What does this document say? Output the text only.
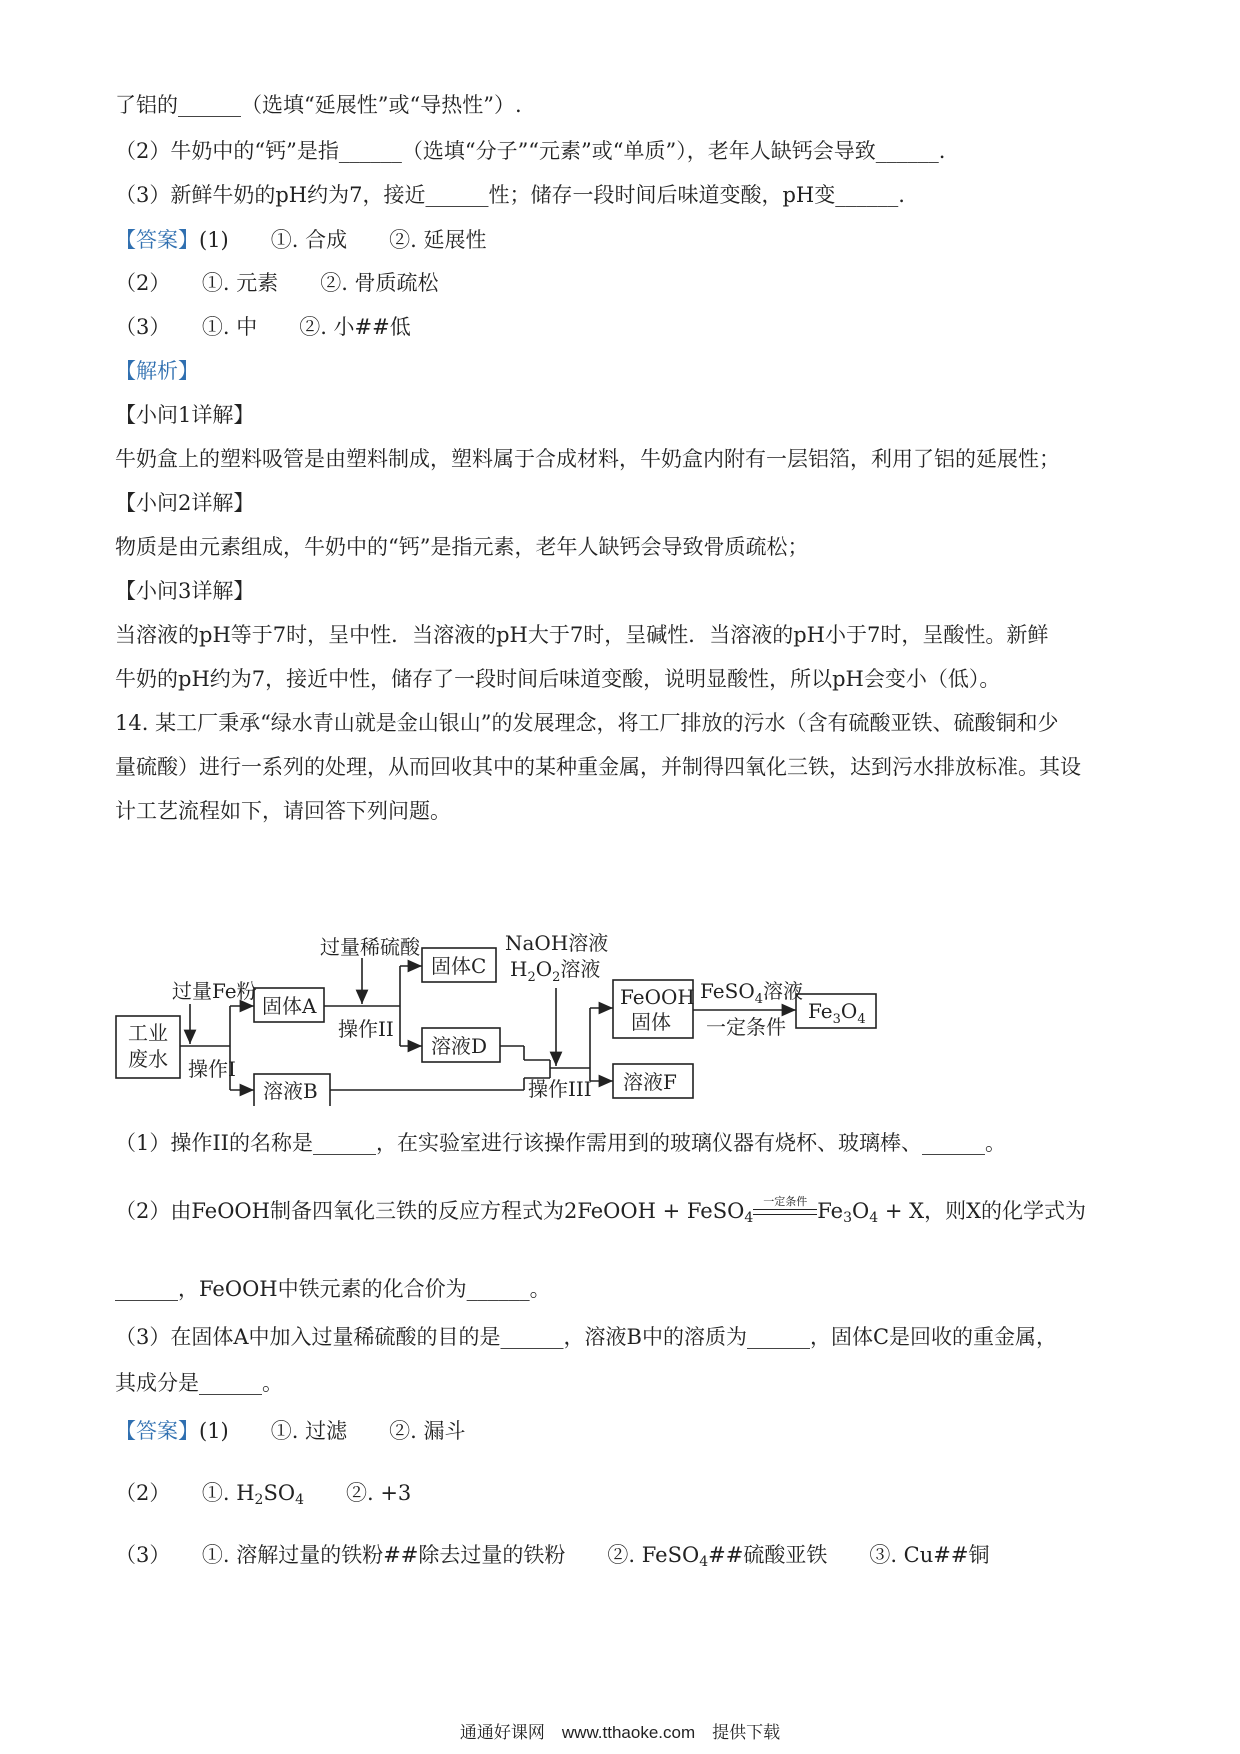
了铝的______（选填“延展性”或“导热性”）.
（2）牛奶中的“钙”是指______（选填“分子”“元素”或“单质”），老年人缺钙会导致______.
（3）新鲜牛奶的pH约为7，接近______性；储存一段时间后味道变酸，pH变______.
【答案】(1)　　①. 合成　　②. 延展性
（2）　　①. 元素　　②. 骨质疏松
（3）　　①. 中　　②. 小##低
【解析】
【小问1详解】
牛奶盒上的塑料吸管是由塑料制成，塑料属于合成材料，牛奶盒内附有一层铝箔，利用了铝的延展性；
【小问2详解】
物质是由元素组成，牛奶中的“钙”是指元素，老年人缺钙会导致骨质疏松；
【小问3详解】
当溶液的pH等于7时，呈中性．当溶液的pH大于7时，呈碱性．当溶液的pH小于7时，呈酸性。新鲜
牛奶的pH约为7，接近中性，储存了一段时间后味道变酸，说明显酸性，所以pH会变小（低）。
14. 某工厂秉承“绿水青山就是金山银山”的发展理念，将工厂排放的污水（含有硫酸亚铁、硫酸铜和少
量硫酸）进行一系列的处理，从而回收其中的某种重金属，并制得四氧化三铁，达到污水排放标准。其设
计工艺流程如下，请回答下列问题。
工业
废水
过量Fe粉
操作I
固体A
过量稀硫酸
操作II
固体C
溶液D
溶液B
NaOH溶液
$H_2O_2$溶液
操作III
FeOOH
固体
溶液F
FeSO$_4$溶液
一定条件
$Fe_3O_4$
（1）操作II的名称是______，在实验室进行该操作需用到的玻璃仪器有烧杯、玻璃棒、______。
（2）由FeOOH制备四氧化三铁的反应方程式为2FeOOH + FeSO$_4$
一定条件 $Fe_3O_4 + X$，则X的化学式为
______，FeOOH中铁元素的化合价为______。
（3）在固体A中加入过量稀硫酸的目的是______，溶液B中的溶质为______，固体C是回收的重金属，
其成分是______。
【答案】(1)　　①. 过滤　　②. 漏斗
（2）　　①. $H_2SO_4$　　②. +3
（3）　　①. 溶解过量的铁粉##除去过量的铁粉　　②. FeSO$_4$##硫酸亚铁　　③. Cu##铜
通通好课网　www.tthaoke.com　提供下载
